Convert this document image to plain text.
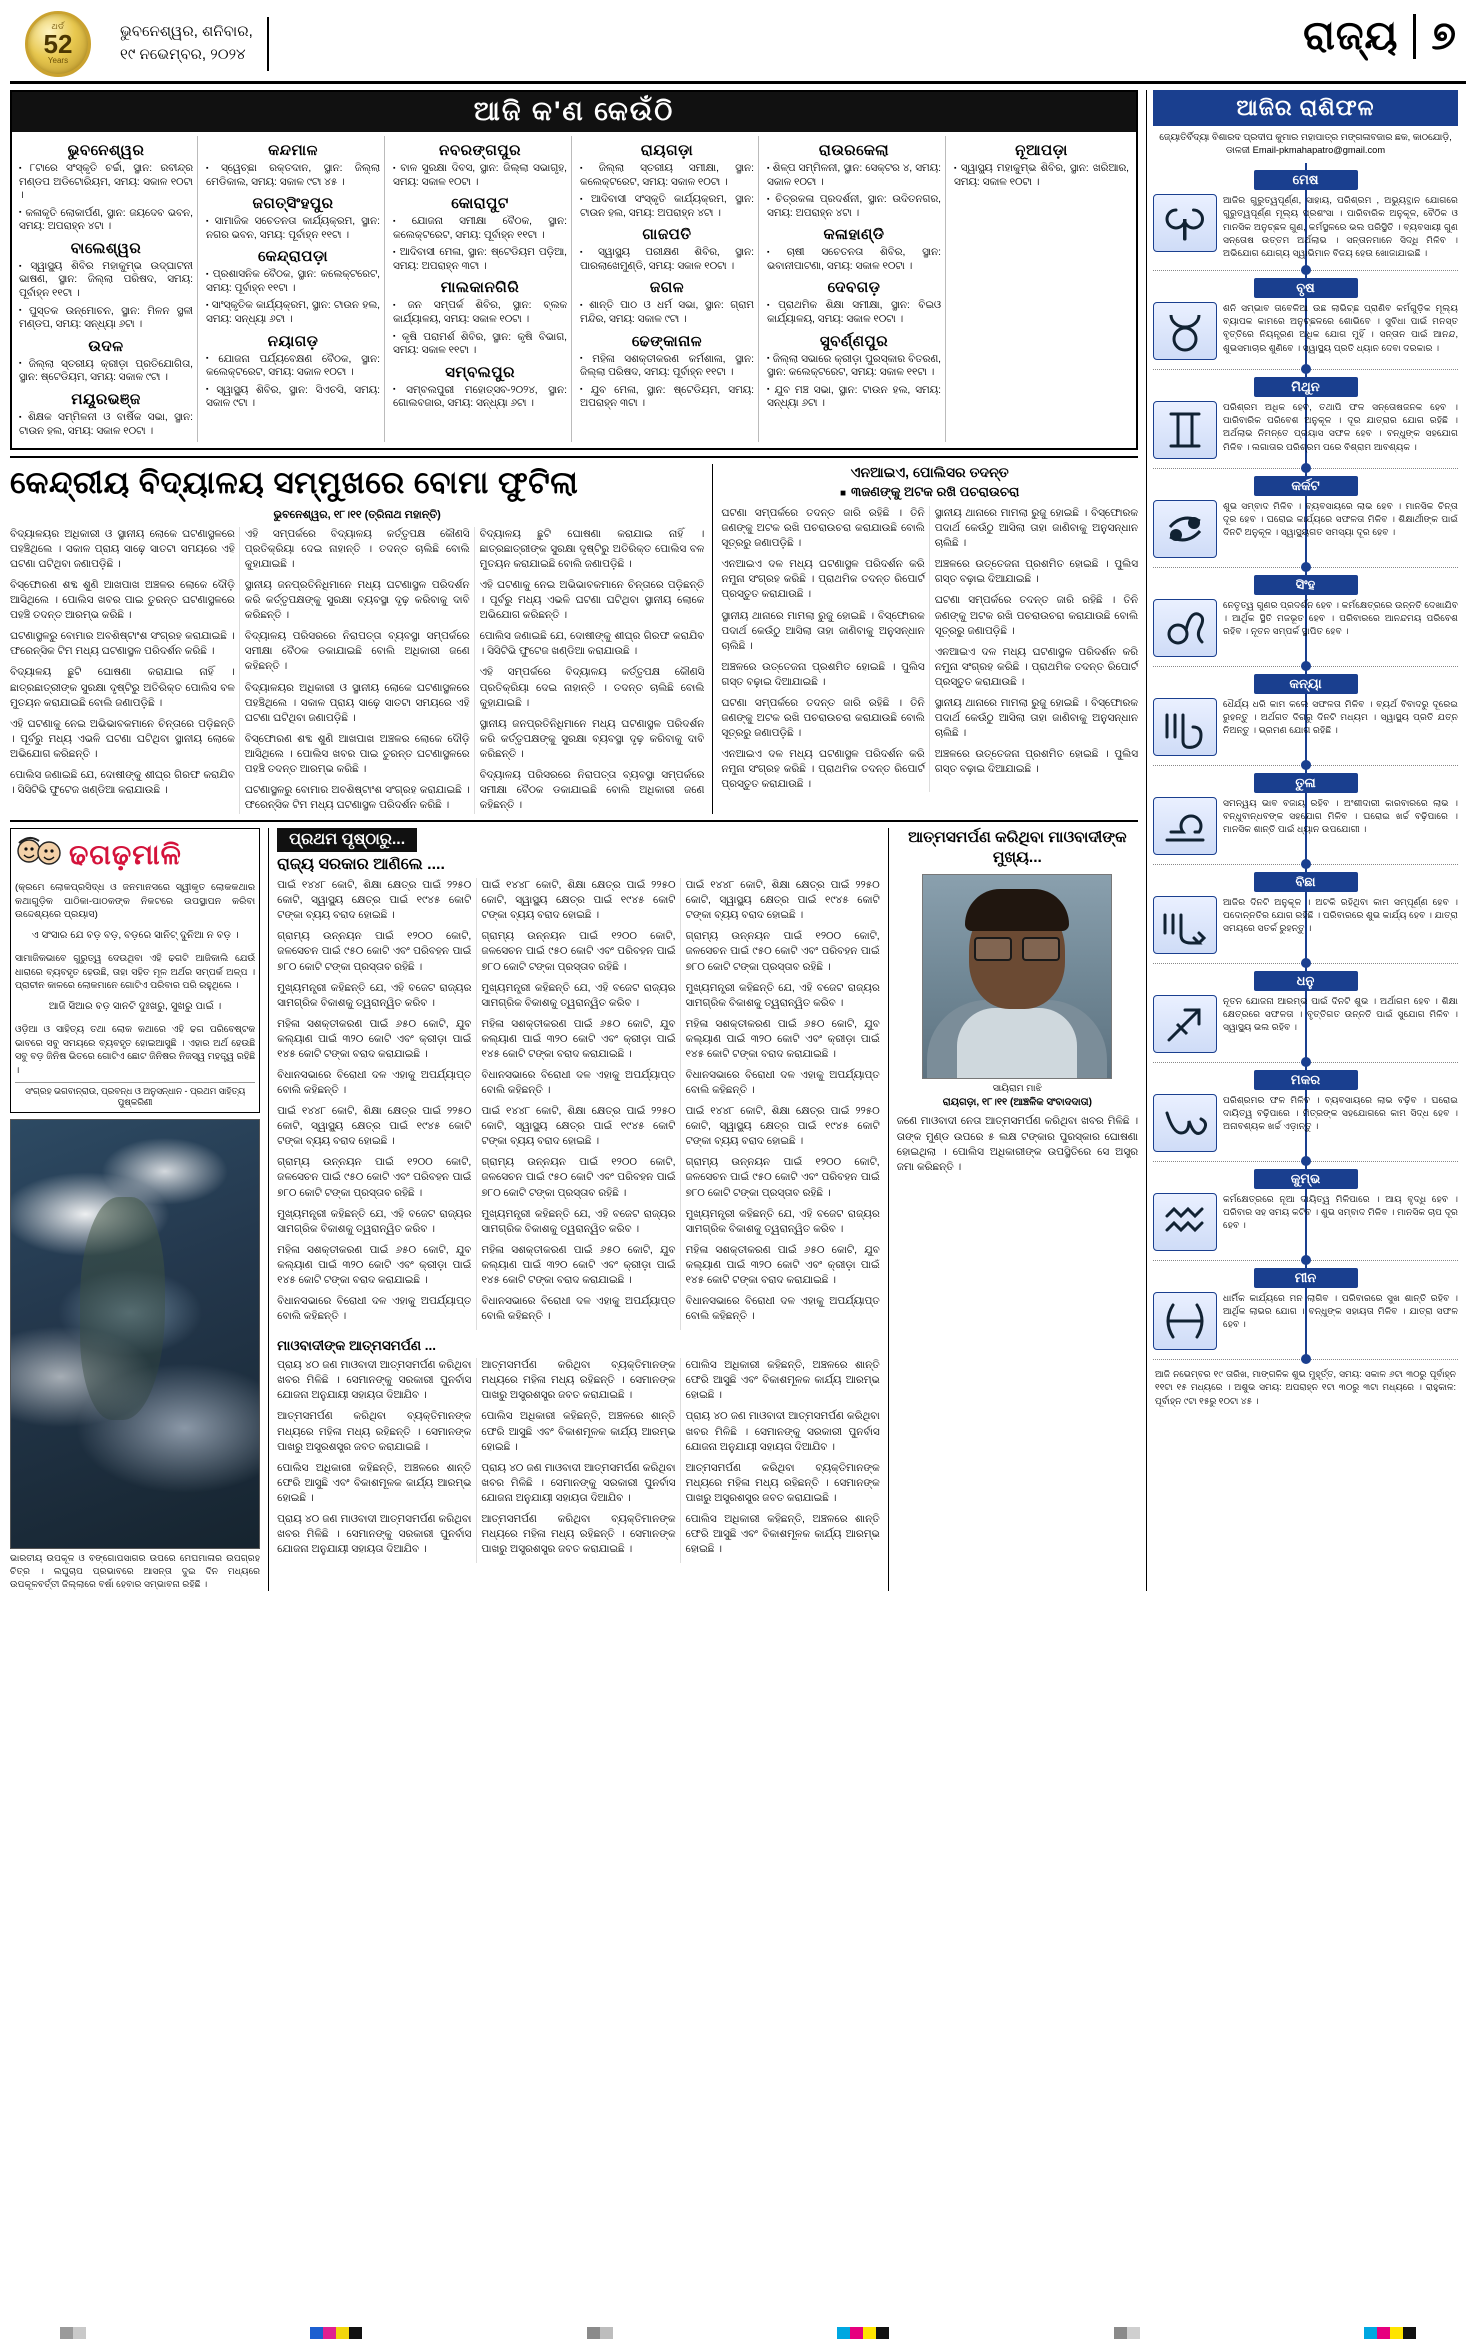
ଥର୍ଡ
52
Years
ଭୁବନେଶ୍ୱର, ଶନିବାର,
୧୯ ନଭେମ୍ବର, ୨୦୨୪	ରାଜ୍ୟ ୭
ଆଜି କ'ଣ କେଉଁଠି
ଭୁବନେଶ୍ୱର
▪ ୮ଟାରେ ସଂସ୍କୃତି ଚର୍ଚ୍ଚା, ସ୍ଥାନ: ରବୀନ୍ଦ୍ର ମଣ୍ଡପ ଅଡିଟୋରିୟମ, ସମୟ: ସକାଳ ୧୦ଟା ।
▪ କଳାକୃତି ଲୋକାର୍ପଣ, ସ୍ଥାନ: ଜୟଦେବ ଭବନ, ସମୟ: ଅପରାହ୍ନ ୪ଟା ।
ବାଲେଶ୍ୱର
▪ ସ୍ୱାସ୍ଥ୍ୟ ଶିବିର ମହାକୁମ୍ଭ ଉଦ୍‌ଘାଟନୀ ଭାଷଣ, ସ୍ଥାନ: ଜିଲ୍ଲା ପରିଷଦ, ସମୟ: ପୂର୍ବାହ୍ନ ୧୧ଟା ।
▪ ପୁସ୍ତକ ଉନ୍ମୋଚନ, ସ୍ଥାନ: ମିଳନ ସ୍ଥଳୀ ମଣ୍ଡପ, ସମୟ: ସନ୍ଧ୍ୟା ୬ଟା ।
ଉଦଳ
▪ ଜିଲ୍ଲା ସ୍ତରୀୟ କ୍ରୀଡ଼ା ପ୍ରତିଯୋଗିତା, ସ୍ଥାନ: ଷ୍ଟେଡିୟମ, ସମୟ: ସକାଳ ୯ଟା ।
ମୟୂରଭଞ୍ଜ
▪ ଶିକ୍ଷକ ସମ୍ମିଳନୀ ଓ ବାର୍ଷିକ ସଭା, ସ୍ଥାନ: ଟାଉନ ହଲ, ସମୟ: ସକାଳ ୧୦ଟା ।
କନ୍ଦମାଳ
▪ ସ୍ୱେଚ୍ଛା ରକ୍ତଦାନ, ସ୍ଥାନ: ଜିଲ୍ଲା ମେଡିକାଲ, ସମୟ: ସକାଳ ୯ଟା ୪୫ ।
ଜଗତ୍‌ସିଂହପୁର
▪ ସାମାଜିକ ସଚେତନତା କାର୍ଯ୍ୟକ୍ରମ, ସ୍ଥାନ: ନଗର ଭବନ, ସମୟ: ପୂର୍ବାହ୍ନ ୧୧ଟା ।
କେନ୍ଦ୍ରାପଡ଼ା
▪ ପ୍ରଶାସନିକ ବୈଠକ, ସ୍ଥାନ: କଲେକ୍ଟରେଟ, ସମୟ: ପୂର୍ବାହ୍ନ ୧୧ଟା ।
▪ ସାଂସ୍କୃତିକ କାର୍ଯ୍ୟକ୍ରମ, ସ୍ଥାନ: ଟାଉନ ହଲ, ସମୟ: ସନ୍ଧ୍ୟା ୬ଟା ।
ନୟାଗଡ଼
▪ ଯୋଜନା ପର୍ଯ୍ୟବେକ୍ଷଣ ବୈଠକ, ସ୍ଥାନ: କଲେକ୍ଟରେଟ, ସମୟ: ସକାଳ ୧୦ଟା ।
▪ ସ୍ୱାସ୍ଥ୍ୟ ଶିବିର, ସ୍ଥାନ: ସିଏଚସି, ସମୟ: ସକାଳ ୯ଟା ।
ନବରଙ୍ଗପୁର
▪ ବାଳ ସୁରକ୍ଷା ଦିବସ, ସ୍ଥାନ: ଜିଲ୍ଲା ସଭାଗୃହ, ସମୟ: ସକାଳ ୧୦ଟା ।
କୋରାପୁଟ
▪ ଯୋଜନା ସମୀକ୍ଷା ବୈଠକ, ସ୍ଥାନ: କଲେକ୍ଟରେଟ, ସମୟ: ପୂର୍ବାହ୍ନ ୧୧ଟା ।
▪ ଆଦିବାସୀ ମେଳା, ସ୍ଥାନ: ଷ୍ଟେଡିୟମ ପଡ଼ିଆ, ସମୟ: ଅପରାହ୍ନ ୩ଟା ।
ମାଲକାନଗିରି
▪ ଜନ ସମ୍ପର୍କ ଶିବିର, ସ୍ଥାନ: ବ୍ଲକ କାର୍ଯ୍ୟାଳୟ, ସମୟ: ସକାଳ ୧୦ଟା ।
▪ କୃଷି ପରାମର୍ଶ ଶିବିର, ସ୍ଥାନ: କୃଷି ବିଭାଗ, ସମୟ: ସକାଳ ୧୧ଟା ।
ସମ୍ବଲପୁର
▪ ସମ୍ବଲପୁରୀ ମହୋତ୍ସବ-୨୦୨୪, ସ୍ଥାନ: ଗୋଲବଜାର, ସମୟ: ସନ୍ଧ୍ୟା ୬ଟା ।
ରାୟଗଡ଼ା
▪ ଜିଲ୍ଲା ସ୍ତରୀୟ ସମୀକ୍ଷା, ସ୍ଥାନ: କଲେକ୍ଟରେଟ, ସମୟ: ସକାଳ ୧୦ଟା ।
▪ ଆଦିବାସୀ ସଂସ୍କୃତି କାର୍ଯ୍ୟକ୍ରମ, ସ୍ଥାନ: ଟାଉନ ହଲ, ସମୟ: ଅପରାହ୍ନ ୪ଟା ।
ଗାଜପତି
▪ ସ୍ୱାସ୍ଥ୍ୟ ପରୀକ୍ଷଣ ଶିବିର, ସ୍ଥାନ: ପାରଲାଖେମୁଣ୍ଡି, ସମୟ: ସକାଳ ୧୦ଟା ।
ଜଗଳ
▪ ଶାନ୍ତି ପାଠ ଓ ଧର୍ମ ସଭା, ସ୍ଥାନ: ଗ୍ରାମ ମନ୍ଦିର, ସମୟ: ସକାଳ ୯ଟା ।
ଢେଙ୍କାନାଳ
▪ ମହିଳା ସଶକ୍ତୀକରଣ କର୍ମଶାଳା, ସ୍ଥାନ: ଜିଲ୍ଲା ପରିଷଦ, ସମୟ: ପୂର୍ବାହ୍ନ ୧୧ଟା ।
▪ ଯୁବ ମେଳା, ସ୍ଥାନ: ଷ୍ଟେଡିୟମ, ସମୟ: ଅପରାହ୍ନ ୩ଟା ।
ରାଉରକେଲା
▪ ଶିଳ୍ପ ସମ୍ମିଳନୀ, ସ୍ଥାନ: ସେକ୍ଟର ୪, ସମୟ: ସକାଳ ୧୦ଟା ।
▪ ଚିତ୍ରକଳା ପ୍ରଦର୍ଶନୀ, ସ୍ଥାନ: ଉଦିତନଗର, ସମୟ: ଅପରାହ୍ନ ୪ଟା ।
କଳାହାଣ୍ଡି
▪ ଚାଷୀ ସଚେତନତା ଶିବିର, ସ୍ଥାନ: ଭବାନୀପାଟଣା, ସମୟ: ସକାଳ ୧୦ଟା ।
ଦେବଗଡ଼
▪ ପ୍ରାଥମିକ ଶିକ୍ଷା ସମୀକ୍ଷା, ସ୍ଥାନ: ବିଇଓ କାର୍ଯ୍ୟାଳୟ, ସମୟ: ସକାଳ ୧୦ଟା ।
ସୁବର୍ଣ୍ଣପୁର
▪ ଜିଲ୍ଲା ସଭାରେ କ୍ରୀଡ଼ା ପୁରସ୍କାର ବିତରଣ, ସ୍ଥାନ: କଲେକ୍ଟରେଟ, ସମୟ: ସକାଳ ୧୧ଟା ।
▪ ଯୁବ ମଞ୍ଚ ସଭା, ସ୍ଥାନ: ଟାଉନ ହଲ, ସମୟ: ସନ୍ଧ୍ୟା ୬ଟା ।
ନୂଆପଡ଼ା
▪ ସ୍ୱାସ୍ଥ୍ୟ ମହାକୁମ୍ଭ ଶିବିର, ସ୍ଥାନ: ଖରିଆର, ସମୟ: ସକାଳ ୧୦ଟା ।
କେନ୍ଦ୍ରୀୟ ବିଦ୍ୟାଳୟ ସମ୍ମୁଖରେ ବୋମା ଫୁଟିଲା
ଭୁବନେଶ୍ୱର, ୧୮।୧୧ (ତ୍ରିନାଥ ମହାନ୍ତି)

ବିଦ୍ୟାଳୟର ଅଧିକାରୀ ଓ ସ୍ଥାନୀୟ ଲୋକେ ଘଟଣାସ୍ଥଳରେ ପହଞ୍ଚିଥିଲେ । ସକାଳ ପ୍ରାୟ ସାଢ଼େ ସାତଟା ସମୟରେ ଏହି ଘଟଣା ଘଟିଥିବା ଜଣାପଡ଼ିଛି ।

ବିସ୍ଫୋରଣ ଶବ୍ଦ ଶୁଣି ଆଖପାଖ ଅଞ୍ଚଳର ଲୋକେ ଦୌଡ଼ି ଆସିଥିଲେ । ପୋଲିସ ଖବର ପାଇ ତୁରନ୍ତ ଘଟଣାସ୍ଥଳରେ ପହଞ୍ଚି ତଦନ୍ତ ଆରମ୍ଭ କରିଛି ।

ଘଟଣାସ୍ଥଳରୁ ବୋମାର ଅବଶିଷ୍ଟାଂଶ ସଂଗ୍ରହ କରାଯାଇଛି । ଫରେନ୍‌ସିକ ଟିମ ମଧ୍ୟ ଘଟଣାସ୍ଥଳ ପରିଦର୍ଶନ କରିଛି ।

ବିଦ୍ୟାଳୟ ଛୁଟି ଘୋଷଣା କରାଯାଇ ନାହିଁ । ଛାତ୍ରଛାତ୍ରୀଙ୍କ ସୁରକ୍ଷା ଦୃଷ୍ଟିରୁ ଅତିରିକ୍ତ ପୋଲିସ ବଳ ମୁତୟନ କରାଯାଇଛି ବୋଲି ଜଣାପଡ଼ିଛି ।

ଏହି ଘଟଣାକୁ ନେଇ ଅଭିଭାବକମାନେ ଚିନ୍ତାରେ ପଡ଼ିଛନ୍ତି । ପୂର୍ବରୁ ମଧ୍ୟ ଏଭଳି ଘଟଣା ଘଟିଥିବା ସ୍ଥାନୀୟ ଲୋକେ ଅଭିଯୋଗ କରିଛନ୍ତି ।

ପୋଲିସ ଜଣାଇଛି ଯେ, ଦୋଷୀଙ୍କୁ ଶୀଘ୍ର ଗିରଫ କରାଯିବ । ସିସିଟିଭି ଫୁଟେଜ ଖଣ୍ଡିଆ କରାଯାଉଛି ।

ଏହି ସମ୍ପର୍କରେ ବିଦ୍ୟାଳୟ କର୍ତ୍ତୃପକ୍ଷ କୌଣସି ପ୍ରତିକ୍ରିୟା ଦେଇ ନାହାନ୍ତି । ତଦନ୍ତ ଚାଲିଛି ବୋଲି କୁହାଯାଇଛି ।

ସ୍ଥାନୀୟ ଜନପ୍ରତିନିଧିମାନେ ମଧ୍ୟ ଘଟଣାସ୍ଥଳ ପରିଦର୍ଶନ କରି କର୍ତ୍ତୃପକ୍ଷଙ୍କୁ ସୁରକ୍ଷା ବ୍ୟବସ୍ଥା ଦୃଢ଼ କରିବାକୁ ଦାବି କରିଛନ୍ତି ।

ବିଦ୍ୟାଳୟ ପରିସରରେ ନିରାପତ୍ତା ବ୍ୟବସ୍ଥା ସମ୍ପର୍କରେ ସମୀକ୍ଷା ବୈଠକ ଡକାଯାଇଛି ବୋଲି ଅଧିକାରୀ ଜଣେ କହିଛନ୍ତି ।

ବିଦ୍ୟାଳୟର ଅଧିକାରୀ ଓ ସ୍ଥାନୀୟ ଲୋକେ ଘଟଣାସ୍ଥଳରେ ପହଞ୍ଚିଥିଲେ । ସକାଳ ପ୍ରାୟ ସାଢ଼େ ସାତଟା ସମୟରେ ଏହି ଘଟଣା ଘଟିଥିବା ଜଣାପଡ଼ିଛି ।

ବିସ୍ଫୋରଣ ଶବ୍ଦ ଶୁଣି ଆଖପାଖ ଅଞ୍ଚଳର ଲୋକେ ଦୌଡ଼ି ଆସିଥିଲେ । ପୋଲିସ ଖବର ପାଇ ତୁରନ୍ତ ଘଟଣାସ୍ଥଳରେ ପହଞ୍ଚି ତଦନ୍ତ ଆରମ୍ଭ କରିଛି ।

ଘଟଣାସ୍ଥଳରୁ ବୋମାର ଅବଶିଷ୍ଟାଂଶ ସଂଗ୍ରହ କରାଯାଇଛି । ଫରେନ୍‌ସିକ ଟିମ ମଧ୍ୟ ଘଟଣାସ୍ଥଳ ପରିଦର୍ଶନ କରିଛି ।

ବିଦ୍ୟାଳୟ ଛୁଟି ଘୋଷଣା କରାଯାଇ ନାହିଁ । ଛାତ୍ରଛାତ୍ରୀଙ୍କ ସୁରକ୍ଷା ଦୃଷ୍ଟିରୁ ଅତିରିକ୍ତ ପୋଲିସ ବଳ ମୁତୟନ କରାଯାଇଛି ବୋଲି ଜଣାପଡ଼ିଛି ।

ଏହି ଘଟଣାକୁ ନେଇ ଅଭିଭାବକମାନେ ଚିନ୍ତାରେ ପଡ଼ିଛନ୍ତି । ପୂର୍ବରୁ ମଧ୍ୟ ଏଭଳି ଘଟଣା ଘଟିଥିବା ସ୍ଥାନୀୟ ଲୋକେ ଅଭିଯୋଗ କରିଛନ୍ତି ।

ପୋଲିସ ଜଣାଇଛି ଯେ, ଦୋଷୀଙ୍କୁ ଶୀଘ୍ର ଗିରଫ କରାଯିବ । ସିସିଟିଭି ଫୁଟେଜ ଖଣ୍ଡିଆ କରାଯାଉଛି ।

ଏହି ସମ୍ପର୍କରେ ବିଦ୍ୟାଳୟ କର୍ତ୍ତୃପକ୍ଷ କୌଣସି ପ୍ରତିକ୍ରିୟା ଦେଇ ନାହାନ୍ତି । ତଦନ୍ତ ଚାଲିଛି ବୋଲି କୁହାଯାଇଛି ।

ସ୍ଥାନୀୟ ଜନପ୍ରତିନିଧିମାନେ ମଧ୍ୟ ଘଟଣାସ୍ଥଳ ପରିଦର୍ଶନ କରି କର୍ତ୍ତୃପକ୍ଷଙ୍କୁ ସୁରକ୍ଷା ବ୍ୟବସ୍ଥା ଦୃଢ଼ କରିବାକୁ ଦାବି କରିଛନ୍ତି ।

ବିଦ୍ୟାଳୟ ପରିସରରେ ନିରାପତ୍ତା ବ୍ୟବସ୍ଥା ସମ୍ପର୍କରେ ସମୀକ୍ଷା ବୈଠକ ଡକାଯାଇଛି ବୋଲି ଅଧିକାରୀ ଜଣେ କହିଛନ୍ତି ।

ଏନଆଇଏ, ପୋଲିସର ତଦନ୍ତ
■ ୩ଜଣଙ୍କୁ ଅଟକ ରଖି ପଚରାଉଚରା

ଘଟଣା ସମ୍ପର୍କରେ ତଦନ୍ତ ଜାରି ରହିଛି । ତିନି ଜଣଙ୍କୁ ଅଟକ ରଖି ପଚରାଉଚରା କରାଯାଉଛି ବୋଲି ସୂତ୍ରରୁ ଜଣାପଡ଼ିଛି ।

ଏନଆଇଏ ଦଳ ମଧ୍ୟ ଘଟଣାସ୍ଥଳ ପରିଦର୍ଶନ କରି ନମୁନା ସଂଗ୍ରହ କରିଛି । ପ୍ରାଥମିକ ତଦନ୍ତ ରିପୋର୍ଟ ପ୍ରସ୍ତୁତ କରାଯାଉଛି ।

ସ୍ଥାନୀୟ ଥାନାରେ ମାମଲା ରୁଜୁ ହୋଇଛି । ବିସ୍ଫୋରକ ପଦାର୍ଥ କେଉଁଠୁ ଆସିଲା ତାହା ଜାଣିବାକୁ ଅନୁସନ୍ଧାନ ଚାଲିଛି ।

ଅଞ୍ଚଳରେ ଉତ୍ତେଜନା ପ୍ରଶମିତ ହୋଇଛି । ପୁଲିସ ଗସ୍ତ ବଢ଼ାଇ ଦିଆଯାଇଛି ।

ଘଟଣା ସମ୍ପର୍କରେ ତଦନ୍ତ ଜାରି ରହିଛି । ତିନି ଜଣଙ୍କୁ ଅଟକ ରଖି ପଚରାଉଚରା କରାଯାଉଛି ବୋଲି ସୂତ୍ରରୁ ଜଣାପଡ଼ିଛି ।

ଏନଆଇଏ ଦଳ ମଧ୍ୟ ଘଟଣାସ୍ଥଳ ପରିଦର୍ଶନ କରି ନମୁନା ସଂଗ୍ରହ କରିଛି । ପ୍ରାଥମିକ ତଦନ୍ତ ରିପୋର୍ଟ ପ୍ରସ୍ତୁତ କରାଯାଉଛି ।

ସ୍ଥାନୀୟ ଥାନାରେ ମାମଲା ରୁଜୁ ହୋଇଛି । ବିସ୍ଫୋରକ ପଦାର୍ଥ କେଉଁଠୁ ଆସିଲା ତାହା ଜାଣିବାକୁ ଅନୁସନ୍ଧାନ ଚାଲିଛି ।

ଅଞ୍ଚଳରେ ଉତ୍ତେଜନା ପ୍ରଶମିତ ହୋଇଛି । ପୁଲିସ ଗସ୍ତ ବଢ଼ାଇ ଦିଆଯାଇଛି ।

ଘଟଣା ସମ୍ପର୍କରେ ତଦନ୍ତ ଜାରି ରହିଛି । ତିନି ଜଣଙ୍କୁ ଅଟକ ରଖି ପଚରାଉଚରା କରାଯାଉଛି ବୋଲି ସୂତ୍ରରୁ ଜଣାପଡ଼ିଛି ।

ଏନଆଇଏ ଦଳ ମଧ୍ୟ ଘଟଣାସ୍ଥଳ ପରିଦର୍ଶନ କରି ନମୁନା ସଂଗ୍ରହ କରିଛି । ପ୍ରାଥମିକ ତଦନ୍ତ ରିପୋର୍ଟ ପ୍ରସ୍ତୁତ କରାଯାଉଛି ।

ସ୍ଥାନୀୟ ଥାନାରେ ମାମଲା ରୁଜୁ ହୋଇଛି । ବିସ୍ଫୋରକ ପଦାର୍ଥ କେଉଁଠୁ ଆସିଲା ତାହା ଜାଣିବାକୁ ଅନୁସନ୍ଧାନ ଚାଲିଛି ।

ଅଞ୍ଚଳରେ ଉତ୍ତେଜନା ପ୍ରଶମିତ ହୋଇଛି । ପୁଲିସ ଗସ୍ତ ବଢ଼ାଇ ଦିଆଯାଇଛି ।

ଢଗଢ଼ମାଳି
(କ୍ରମେ ଲୋକପ୍ରସିଦ୍ଧ ଓ ଜନମାନସରେ ସ୍ୱୀକୃତ ଲୋକକଥାର କଥାଗୁଡ଼ିକ ପାଠିକା-ପାଠକଙ୍କ ନିକଟରେ ଉପସ୍ଥାପନ କରିବା ଉଦ୍ଦେଶ୍ୟରେ ପ୍ରୟାସ)
ଏ ସଂସାର ଯେ ବଡ଼ ବଡ଼, ବଡ଼ରେ ସାନିଟ୍ ଦୁନିଆ ନ ବଡ଼ ।
ସାମାଜିକଭାବେ ଗୁରୁତ୍ୱ ଦେଉଥିବା ଏହି ଢଗଟି ଆଜିକାଲି ଯେଉଁ ଧାରାରେ ବ୍ୟବହୃତ ହେଉଛି, ତାହା ସହିତ ମୂଳ ଅର୍ଥର ସମ୍ପର୍କ ଅଳ୍ପ । ପ୍ରାଚୀନ କାଳରେ ଲୋକମାନେ ଗୋଟିଏ ପରିବାର ପରି ରହୁଥିଲେ ।
ଆଜି ସିଆର ବଡ଼ ସାନଟି ଦୁଃଖରୁ, ସୁଖରୁ ପାଇଁ ।
ଓଡ଼ିଆ ଓ ସାହିତ୍ୟ ତଥା ଲୋକ କଥାରେ ଏହି ଢଗ ପରିବେଷ୍ଟକ ଭାବରେ ସବୁ ସମୟରେ ବ୍ୟବହୃତ ହୋଇଆସୁଛି । ଏହାର ଅର୍ଥ ହେଉଛି ସବୁ ବଡ଼ ଜିନିଷ ଭିତରେ ଗୋଟିଏ ଛୋଟ ଜିନିଷର ନିଜସ୍ୱ ମହତ୍ତ୍ୱ ରହିଛି ।
ସଂଗ୍ରହ ଭଗବାନ୍‌ରାଉ, ପ୍ରବନ୍ଧ ଓ ଅନୁସନ୍ଧାନ - ପ୍ରଥମ ସାହିତ୍ୟ ପୁଷ୍କରିଣୀ
ଭାରତୀୟ ଉପକୂଳ ଓ ବଙ୍ଗୋପସାଗର ଉପରେ ମେଘମାଳାର ଉପଗ୍ରହ ଚିତ୍ର । ଲଘୁଚାପ ପ୍ରଭାବରେ ଆସନ୍ତା ଦୁଇ ଦିନ ମଧ୍ୟରେ ଉପକୂଳବର୍ତ୍ତୀ ଜିଲ୍ଲାରେ ବର୍ଷା ହେବାର ସମ୍ଭାବନା ରହିଛି ।
ପ୍ରଥମ ପୃଷ୍ଠାରୁ...
ରାଜ୍ୟ ସରକାର ଆଣିଲେ ....

ପାଇଁ ୧୪୪୮ କୋଟି, ଶିକ୍ଷା କ୍ଷେତ୍ର ପାଇଁ ୨୨୫୦ କୋଟି, ସ୍ୱାସ୍ଥ୍ୟ କ୍ଷେତ୍ର ପାଇଁ ୧୯୪୫ କୋଟି ଟଙ୍କା ବ୍ୟୟ ବରାଦ ହୋଇଛି ।

ଗ୍ରାମ୍ୟ ଉନ୍ନୟନ ପାଇଁ ୧୨୦୦ କୋଟି, ଜଳସେଚନ ପାଇଁ ୯୫୦ କୋଟି ଏବଂ ପରିବହନ ପାଇଁ ୭୮୦ କୋଟି ଟଙ୍କା ପ୍ରସ୍ତାବ ରହିଛି ।

ମୁଖ୍ୟମନ୍ତ୍ରୀ କହିଛନ୍ତି ଯେ, ଏହି ବଜେଟ ରାଜ୍ୟର ସାମଗ୍ରିକ ବିକାଶକୁ ତ୍ୱରାନ୍ୱିତ କରିବ ।

ମହିଳା ସଶକ୍ତୀକରଣ ପାଇଁ ୬୫୦ କୋଟି, ଯୁବ କଲ୍ୟାଣ ପାଇଁ ୩୨୦ କୋଟି ଏବଂ କ୍ରୀଡ଼ା ପାଇଁ ୧୪୫ କୋଟି ଟଙ୍କା ବରାଦ କରାଯାଇଛି ।

ବିଧାନସଭାରେ ବିରୋଧୀ ଦଳ ଏହାକୁ ଅପର୍ଯ୍ୟାପ୍ତ ବୋଲି କହିଛନ୍ତି ।

ପାଇଁ ୧୪୪୮ କୋଟି, ଶିକ୍ଷା କ୍ଷେତ୍ର ପାଇଁ ୨୨୫୦ କୋଟି, ସ୍ୱାସ୍ଥ୍ୟ କ୍ଷେତ୍ର ପାଇଁ ୧୯୪୫ କୋଟି ଟଙ୍କା ବ୍ୟୟ ବରାଦ ହୋଇଛି ।

ଗ୍ରାମ୍ୟ ଉନ୍ନୟନ ପାଇଁ ୧୨୦୦ କୋଟି, ଜଳସେଚନ ପାଇଁ ୯୫୦ କୋଟି ଏବଂ ପରିବହନ ପାଇଁ ୭୮୦ କୋଟି ଟଙ୍କା ପ୍ରସ୍ତାବ ରହିଛି ।

ମୁଖ୍ୟମନ୍ତ୍ରୀ କହିଛନ୍ତି ଯେ, ଏହି ବଜେଟ ରାଜ୍ୟର ସାମଗ୍ରିକ ବିକାଶକୁ ତ୍ୱରାନ୍ୱିତ କରିବ ।

ମହିଳା ସଶକ୍ତୀକରଣ ପାଇଁ ୬୫୦ କୋଟି, ଯୁବ କଲ୍ୟାଣ ପାଇଁ ୩୨୦ କୋଟି ଏବଂ କ୍ରୀଡ଼ା ପାଇଁ ୧୪୫ କୋଟି ଟଙ୍କା ବରାଦ କରାଯାଇଛି ।

ବିଧାନସଭାରେ ବିରୋଧୀ ଦଳ ଏହାକୁ ଅପର୍ଯ୍ୟାପ୍ତ ବୋଲି କହିଛନ୍ତି ।

ପାଇଁ ୧୪୪୮ କୋଟି, ଶିକ୍ଷା କ୍ଷେତ୍ର ପାଇଁ ୨୨୫୦ କୋଟି, ସ୍ୱାସ୍ଥ୍ୟ କ୍ଷେତ୍ର ପାଇଁ ୧୯୪୫ କୋଟି ଟଙ୍କା ବ୍ୟୟ ବରାଦ ହୋଇଛି ।

ଗ୍ରାମ୍ୟ ଉନ୍ନୟନ ପାଇଁ ୧୨୦୦ କୋଟି, ଜଳସେଚନ ପାଇଁ ୯୫୦ କୋଟି ଏବଂ ପରିବହନ ପାଇଁ ୭୮୦ କୋଟି ଟଙ୍କା ପ୍ରସ୍ତାବ ରହିଛି ।

ମୁଖ୍ୟମନ୍ତ୍ରୀ କହିଛନ୍ତି ଯେ, ଏହି ବଜେଟ ରାଜ୍ୟର ସାମଗ୍ରିକ ବିକାଶକୁ ତ୍ୱରାନ୍ୱିତ କରିବ ।

ମହିଳା ସଶକ୍ତୀକରଣ ପାଇଁ ୬୫୦ କୋଟି, ଯୁବ କଲ୍ୟାଣ ପାଇଁ ୩୨୦ କୋଟି ଏବଂ କ୍ରୀଡ଼ା ପାଇଁ ୧୪୫ କୋଟି ଟଙ୍କା ବରାଦ କରାଯାଇଛି ।

ବିଧାନସଭାରେ ବିରୋଧୀ ଦଳ ଏହାକୁ ଅପର୍ଯ୍ୟାପ୍ତ ବୋଲି କହିଛନ୍ତି ।

ପାଇଁ ୧୪୪୮ କୋଟି, ଶିକ୍ଷା କ୍ଷେତ୍ର ପାଇଁ ୨୨୫୦ କୋଟି, ସ୍ୱାସ୍ଥ୍ୟ କ୍ଷେତ୍ର ପାଇଁ ୧୯୪୫ କୋଟି ଟଙ୍କା ବ୍ୟୟ ବରାଦ ହୋଇଛି ।

ଗ୍ରାମ୍ୟ ଉନ୍ନୟନ ପାଇଁ ୧୨୦୦ କୋଟି, ଜଳସେଚନ ପାଇଁ ୯୫୦ କୋଟି ଏବଂ ପରିବହନ ପାଇଁ ୭୮୦ କୋଟି ଟଙ୍କା ପ୍ରସ୍ତାବ ରହିଛି ।

ମୁଖ୍ୟମନ୍ତ୍ରୀ କହିଛନ୍ତି ଯେ, ଏହି ବଜେଟ ରାଜ୍ୟର ସାମଗ୍ରିକ ବିକାଶକୁ ତ୍ୱରାନ୍ୱିତ କରିବ ।

ମହିଳା ସଶକ୍ତୀକରଣ ପାଇଁ ୬୫୦ କୋଟି, ଯୁବ କଲ୍ୟାଣ ପାଇଁ ୩୨୦ କୋଟି ଏବଂ କ୍ରୀଡ଼ା ପାଇଁ ୧୪୫ କୋଟି ଟଙ୍କା ବରାଦ କରାଯାଇଛି ।

ବିଧାନସଭାରେ ବିରୋଧୀ ଦଳ ଏହାକୁ ଅପର୍ଯ୍ୟାପ୍ତ ବୋଲି କହିଛନ୍ତି ।

ପାଇଁ ୧୪୪୮ କୋଟି, ଶିକ୍ଷା କ୍ଷେତ୍ର ପାଇଁ ୨୨୫୦ କୋଟି, ସ୍ୱାସ୍ଥ୍ୟ କ୍ଷେତ୍ର ପାଇଁ ୧୯୪୫ କୋଟି ଟଙ୍କା ବ୍ୟୟ ବରାଦ ହୋଇଛି ।

ଗ୍ରାମ୍ୟ ଉନ୍ନୟନ ପାଇଁ ୧୨୦୦ କୋଟି, ଜଳସେଚନ ପାଇଁ ୯୫୦ କୋଟି ଏବଂ ପରିବହନ ପାଇଁ ୭୮୦ କୋଟି ଟଙ୍କା ପ୍ରସ୍ତାବ ରହିଛି ।

ମୁଖ୍ୟମନ୍ତ୍ରୀ କହିଛନ୍ତି ଯେ, ଏହି ବଜେଟ ରାଜ୍ୟର ସାମଗ୍ରିକ ବିକାଶକୁ ତ୍ୱରାନ୍ୱିତ କରିବ ।

ମହିଳା ସଶକ୍ତୀକରଣ ପାଇଁ ୬୫୦ କୋଟି, ଯୁବ କଲ୍ୟାଣ ପାଇଁ ୩୨୦ କୋଟି ଏବଂ କ୍ରୀଡ଼ା ପାଇଁ ୧୪୫ କୋଟି ଟଙ୍କା ବରାଦ କରାଯାଇଛି ।

ବିଧାନସଭାରେ ବିରୋଧୀ ଦଳ ଏହାକୁ ଅପର୍ଯ୍ୟାପ୍ତ ବୋଲି କହିଛନ୍ତି ।

ପାଇଁ ୧୪୪୮ କୋଟି, ଶିକ୍ଷା କ୍ଷେତ୍ର ପାଇଁ ୨୨୫୦ କୋଟି, ସ୍ୱାସ୍ଥ୍ୟ କ୍ଷେତ୍ର ପାଇଁ ୧୯୪୫ କୋଟି ଟଙ୍କା ବ୍ୟୟ ବରାଦ ହୋଇଛି ।

ଗ୍ରାମ୍ୟ ଉନ୍ନୟନ ପାଇଁ ୧୨୦୦ କୋଟି, ଜଳସେଚନ ପାଇଁ ୯୫୦ କୋଟି ଏବଂ ପରିବହନ ପାଇଁ ୭୮୦ କୋଟି ଟଙ୍କା ପ୍ରସ୍ତାବ ରହିଛି ।

ମୁଖ୍ୟମନ୍ତ୍ରୀ କହିଛନ୍ତି ଯେ, ଏହି ବଜେଟ ରାଜ୍ୟର ସାମଗ୍ରିକ ବିକାଶକୁ ତ୍ୱରାନ୍ୱିତ କରିବ ।

ମହିଳା ସଶକ୍ତୀକରଣ ପାଇଁ ୬୫୦ କୋଟି, ଯୁବ କଲ୍ୟାଣ ପାଇଁ ୩୨୦ କୋଟି ଏବଂ କ୍ରୀଡ଼ା ପାଇଁ ୧୪୫ କୋଟି ଟଙ୍କା ବରାଦ କରାଯାଇଛି ।

ବିଧାନସଭାରେ ବିରୋଧୀ ଦଳ ଏହାକୁ ଅପର୍ଯ୍ୟାପ୍ତ ବୋଲି କହିଛନ୍ତି ।

ମାଓବାଦୀଙ୍କ ଆତ୍ମସମର୍ପଣ ...

ପ୍ରାୟ ୪୦ ଜଣ ମାଓବାଦୀ ଆତ୍ମସମର୍ପଣ କରିଥିବା ଖବର ମିଳିଛି । ସେମାନଙ୍କୁ ସରକାରୀ ପୁନର୍ବାସ ଯୋଜନା ଅନୁଯାୟୀ ସହାୟତା ଦିଆଯିବ ।

ଆତ୍ମସମର୍ପଣ କରିଥିବା ବ୍ୟକ୍ତିମାନଙ୍କ ମଧ୍ୟରେ ମହିଳା ମଧ୍ୟ ରହିଛନ୍ତି । ସେମାନଙ୍କ ପାଖରୁ ଅସ୍ତ୍ରଶସ୍ତ୍ର ଜବତ କରାଯାଇଛି ।

ପୋଲିସ ଅଧିକାରୀ କହିଛନ୍ତି, ଅଞ୍ଚଳରେ ଶାନ୍ତି ଫେରି ଆସୁଛି ଏବଂ ବିକାଶମୂଳକ କାର୍ଯ୍ୟ ଆରମ୍ଭ ହୋଇଛି ।

ପ୍ରାୟ ୪୦ ଜଣ ମାଓବାଦୀ ଆତ୍ମସମର୍ପଣ କରିଥିବା ଖବର ମିଳିଛି । ସେମାନଙ୍କୁ ସରକାରୀ ପୁନର୍ବାସ ଯୋଜନା ଅନୁଯାୟୀ ସହାୟତା ଦିଆଯିବ ।

ଆତ୍ମସମର୍ପଣ କରିଥିବା ବ୍ୟକ୍ତିମାନଙ୍କ ମଧ୍ୟରେ ମହିଳା ମଧ୍ୟ ରହିଛନ୍ତି । ସେମାନଙ୍କ ପାଖରୁ ଅସ୍ତ୍ରଶସ୍ତ୍ର ଜବତ କରାଯାଇଛି ।

ପୋଲିସ ଅଧିକାରୀ କହିଛନ୍ତି, ଅଞ୍ଚଳରେ ଶାନ୍ତି ଫେରି ଆସୁଛି ଏବଂ ବିକାଶମୂଳକ କାର୍ଯ୍ୟ ଆରମ୍ଭ ହୋଇଛି ।

ପ୍ରାୟ ୪୦ ଜଣ ମାଓବାଦୀ ଆତ୍ମସମର୍ପଣ କରିଥିବା ଖବର ମିଳିଛି । ସେମାନଙ୍କୁ ସରକାରୀ ପୁନର୍ବାସ ଯୋଜନା ଅନୁଯାୟୀ ସହାୟତା ଦିଆଯିବ ।

ଆତ୍ମସମର୍ପଣ କରିଥିବା ବ୍ୟକ୍ତିମାନଙ୍କ ମଧ୍ୟରେ ମହିଳା ମଧ୍ୟ ରହିଛନ୍ତି । ସେମାନଙ୍କ ପାଖରୁ ଅସ୍ତ୍ରଶସ୍ତ୍ର ଜବତ କରାଯାଇଛି ।

ପୋଲିସ ଅଧିକାରୀ କହିଛନ୍ତି, ଅଞ୍ଚଳରେ ଶାନ୍ତି ଫେରି ଆସୁଛି ଏବଂ ବିକାଶମୂଳକ କାର୍ଯ୍ୟ ଆରମ୍ଭ ହୋଇଛି ।

ପ୍ରାୟ ୪୦ ଜଣ ମାଓବାଦୀ ଆତ୍ମସମର୍ପଣ କରିଥିବା ଖବର ମିଳିଛି । ସେମାନଙ୍କୁ ସରକାରୀ ପୁନର୍ବାସ ଯୋଜନା ଅନୁଯାୟୀ ସହାୟତା ଦିଆଯିବ ।

ଆତ୍ମସମର୍ପଣ କରିଥିବା ବ୍ୟକ୍ତିମାନଙ୍କ ମଧ୍ୟରେ ମହିଳା ମଧ୍ୟ ରହିଛନ୍ତି । ସେମାନଙ୍କ ପାଖରୁ ଅସ୍ତ୍ରଶସ୍ତ୍ର ଜବତ କରାଯାଇଛି ।

ପୋଲିସ ଅଧିକାରୀ କହିଛନ୍ତି, ଅଞ୍ଚଳରେ ଶାନ୍ତି ଫେରି ଆସୁଛି ଏବଂ ବିକାଶମୂଳକ କାର୍ଯ୍ୟ ଆରମ୍ଭ ହୋଇଛି ।

ଆତ୍ମସମର୍ପଣ କରିଥିବା ମାଓବାଦୀଙ୍କ ମୁଖ୍ୟ...
ସାୟିରାମ ମାଝି
ରାୟଗଡ଼ା, ୧୮।୧୧ (ଆଞ୍ଚଳିକ ସଂବାଦଦାତା)

ଜଣେ ମାଓବାଦୀ ନେତା ଆତ୍ମସମର୍ପଣ କରିଥିବା ଖବର ମିଳିଛି । ତାଙ୍କ ମୁଣ୍ଡ ଉପରେ ୫ ଲକ୍ଷ ଟଙ୍କାର ପୁରସ୍କାର ଘୋଷଣା ହୋଇଥିଲା । ପୋଲିସ ଅଧିକାରୀଙ୍କ ଉପସ୍ଥିତିରେ ସେ ଅସ୍ତ୍ର ଜମା କରିଛନ୍ତି ।

ଆଜିର ରାଶିଫଳ
ଜ୍ୟୋତିର୍ବିଦ୍ୟା ବିଶାରଦ ପ୍ରଦୀପ କୁମାର ମହାପାତ୍ର ମଙ୍ଗଳାବଜାର ଛକ, କାଠଯୋଡ଼ି, ଡାଳଜୀ Email-pkmahapatro@gmail.com
ମେଷ
ଆଜିର ଗୁରୁତ୍ୱପୂର୍ଣ୍ଣ, ସାହାୟ, ପରିଶ୍ରମ , ଅଭ୍ୟୁତ୍ଥାନ ଯୋଗରେ ଗୁରୁତ୍ୱପୂର୍ଣ୍ଣ ମୂଲ୍ୟ ପ୍ରଶଂସା । ପାରିବାରିକ ଅନୁକୂଳ, ବୈଠିକ ଓ ମାନସିକ ଅନୁଚ୍ଛଳ ଗୁଣ, କର୍ମସ୍ଥଳରେ ଭଲ ପରିସ୍ଥିତି । ବ୍ୟବସାୟୀ ଗୁଣ ସନ୍ତୋଷ ଉତ୍ତମ ଅର୍ଥଲାଭ । ସନ୍ତାନମାନେ ସିଦ୍ଧି ମିଳିବ । ଅଭିଯୋଗ ଯୋଗ୍ୟ ସ୍ୱାଭିମାନ ବିଜୟ ହେଉ ଖୋଜାଯାଇଛି ।
ବୃଷ
ଶନି ସମ୍ଭାବ ତାବେଳିଆ ଉଛ ଲାଭିଚ୍ଛ ପ୍ରାଣିବ କର୍ମଗୁଡ଼ିକ ମୂଲ୍ୟ ବ୍ୟାପକ କାମରେ ଅନୁଚ୍ଛଳରେ ଶୋଭିବେ । ସୁବିଧା ପାଇଁ ମନସ୍ତ ବୃତ୍ତିରେ ନିୟନ୍ତ୍ରଣ ଅଧିକ ଯୋଗ ମୁହିଁ । ସନ୍ତାନ ପାଇଁ ଆନନ୍ଦ, ଶୁଭସମାଚାର ଶୁଣିବେ । ସ୍ୱାସ୍ଥ୍ୟ ପ୍ରତି ଧ୍ୟାନ ଦେବା ଦରକାର ।
ମିଥୁନ
ପରିଶ୍ରମ ଅଧିକ ହେବ, ତଥାପି ଫଳ ସନ୍ତୋଷଜନକ ହେବ । ପାରିବାରିକ ପରିବେଶ ଅନୁକୂଳ । ଦୂର ଯାତ୍ରାର ଯୋଗ ରହିଛି । ଅର୍ଥଲାଭ ନିମନ୍ତେ ପ୍ରୟାସ ସଫଳ ହେବ । ବନ୍ଧୁଙ୍କ ସହଯୋଗ ମିଳିବ । ଲଗାତାର ପରିଶ୍ରମ ପରେ ବିଶ୍ରାମ ଆବଶ୍ୟକ ।
କର୍କଟ
ଶୁଭ ସମ୍ବାଦ ମିଳିବ । ବ୍ୟବସାୟରେ ଲାଭ ହେବ । ମାନସିକ ଚିନ୍ତା ଦୂର ହେବ । ଘରୋଇ କାର୍ଯ୍ୟରେ ସଫଳତା ମିଳିବ । ଶିକ୍ଷାର୍ଥୀଙ୍କ ପାଇଁ ଦିନଟି ଅନୁକୂଳ । ସ୍ୱାସ୍ଥ୍ୟଗତ ସମସ୍ୟା ଦୂର ହେବ ।
ସିଂହ
ନେତୃତ୍ୱ ଗୁଣର ପ୍ରଦର୍ଶନ ହେବ । କର୍ମକ୍ଷେତ୍ରରେ ଉନ୍ନତି ଦେଖାଯିବ । ଆର୍ଥିକ ସ୍ଥିତି ମଜଭୂତ ହେବ । ପରିବାରରେ ଆନନ୍ଦମୟ ପରିବେଶ ରହିବ । ନୂତନ ସମ୍ପର୍କ ସ୍ଥାପିତ ହେବ ।
କନ୍ୟା
ଧୈର୍ଯ୍ୟ ଧରି କାମ କଲେ ସଫଳତା ମିଳିବ । ବ୍ୟର୍ଥ ବିବାଦରୁ ଦୂରେଇ ରୁହନ୍ତୁ । ଅର୍ଥଗତ ଦିଗରୁ ଦିନଟି ମଧ୍ୟମ । ସ୍ୱାସ୍ଥ୍ୟ ପ୍ରତି ଯତ୍ନ ନିଅନ୍ତୁ । ଭ୍ରମଣ ଯୋଗ ରହିଛି ।
ତୁଳା
ସମନ୍ୱୟ ଭାବ ବଜାୟ ରହିବ । ଅଂଶୀଦାରୀ କାରବାରରେ ଲାଭ । ବନ୍ଧୁବାନ୍ଧବଙ୍କ ସହଯୋଗ ମିଳିବ । ଘରୋଇ ଖର୍ଚ୍ଚ ବଢ଼ିପାରେ । ମାନସିକ ଶାନ୍ତି ପାଇଁ ଧ୍ୟାନ ଉପଯୋଗୀ ।
ବିଛା
ଆଜିର ଦିନଟି ଅନୁକୂଳ । ଅଟକି ରହିଥିବା କାମ ସମ୍ପୂର୍ଣ୍ଣ ହେବ । ପଦୋନ୍ନତିର ଯୋଗ ରହିଛି । ପରିବାରରେ ଶୁଭ କାର୍ଯ୍ୟ ହେବ । ଯାତ୍ରା ସମୟରେ ସତର୍କ ରୁହନ୍ତୁ ।
ଧନୁ
ନୂତନ ଯୋଜନା ଆରମ୍ଭ ପାଇଁ ଦିନଟି ଶୁଭ । ଅର୍ଥାଗମ ହେବ । ଶିକ୍ଷା କ୍ଷେତ୍ରରେ ସଫଳତା । ବୃତ୍ତିଗତ ଉନ୍ନତି ପାଇଁ ସୁଯୋଗ ମିଳିବ । ସ୍ୱାସ୍ଥ୍ୟ ଭଲ ରହିବ ।
ମକର
ପରିଶ୍ରମର ଫଳ ମିଳିବ । ବ୍ୟବସାୟରେ ଲାଭ ବଢ଼ିବ । ଘରୋଇ ଦାୟିତ୍ୱ ବଢ଼ିପାରେ । ମିତ୍ରଙ୍କ ସହଯୋଗରେ କାମ ସିଦ୍ଧ ହେବ । ଅନାବଶ୍ୟକ ଖର୍ଚ୍ଚ ଏଡ଼ାନ୍ତୁ ।
କୁମ୍ଭ
କର୍ମକ୍ଷେତ୍ରରେ ନୂଆ ଦାୟିତ୍ୱ ମିଳିପାରେ । ଆୟ ବୃଦ୍ଧି ହେବ । ପରିବାର ସହ ସମୟ କଟିବ । ଶୁଭ ସମ୍ବାଦ ମିଳିବ । ମାନସିକ ଚାପ ଦୂର ହେବ ।
ମୀନ
ଧାର୍ମିକ କାର୍ଯ୍ୟରେ ମନ ଲାଗିବ । ପରିବାରରେ ସୁଖ ଶାନ୍ତି ରହିବ । ଆର୍ଥିକ ଲାଭର ଯୋଗ । ବନ୍ଧୁଙ୍କ ସହାୟତା ମିଳିବ । ଯାତ୍ରା ସଫଳ ହେବ ।
ଆଜି ନଭେମ୍ବର ୧୯ ତାରିଖ, ମାଙ୍ଗଳିକ ଶୁଭ ମୁହୂର୍ତ୍ତ, ସମୟ: ସକାଳ ୬ଟା ୩୦ରୁ ପୂର୍ବାହ୍ନ ୧୧ଟା ୧୫ ମଧ୍ୟରେ । ଅଶୁଭ ସମୟ: ଅପରାହ୍ନ ୧ଟା ୩୦ରୁ ୩ଟା ମଧ୍ୟରେ । ରାହୁକାଳ: ପୂର୍ବାହ୍ନ ୯ଟା ୧୫ରୁ ୧୦ଟା ୪୫ ।
